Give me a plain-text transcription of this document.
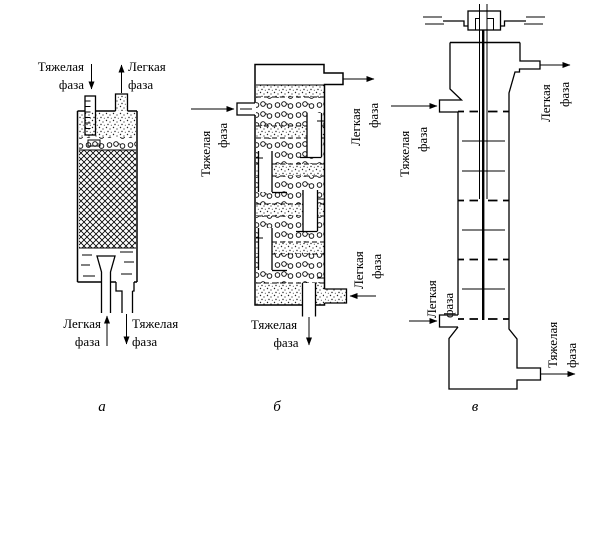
Тяжелая
фаза
Легкая
фаза
Легкая
фаза
Тяжелая
фаза
а
Тяжелая фаза	Легкая фаза
Легкая фаза
Тяжелая
фаза
б
Тяжелая фаза
Легкая фаза
Легкая фаза
Тяжелая фаза
в
